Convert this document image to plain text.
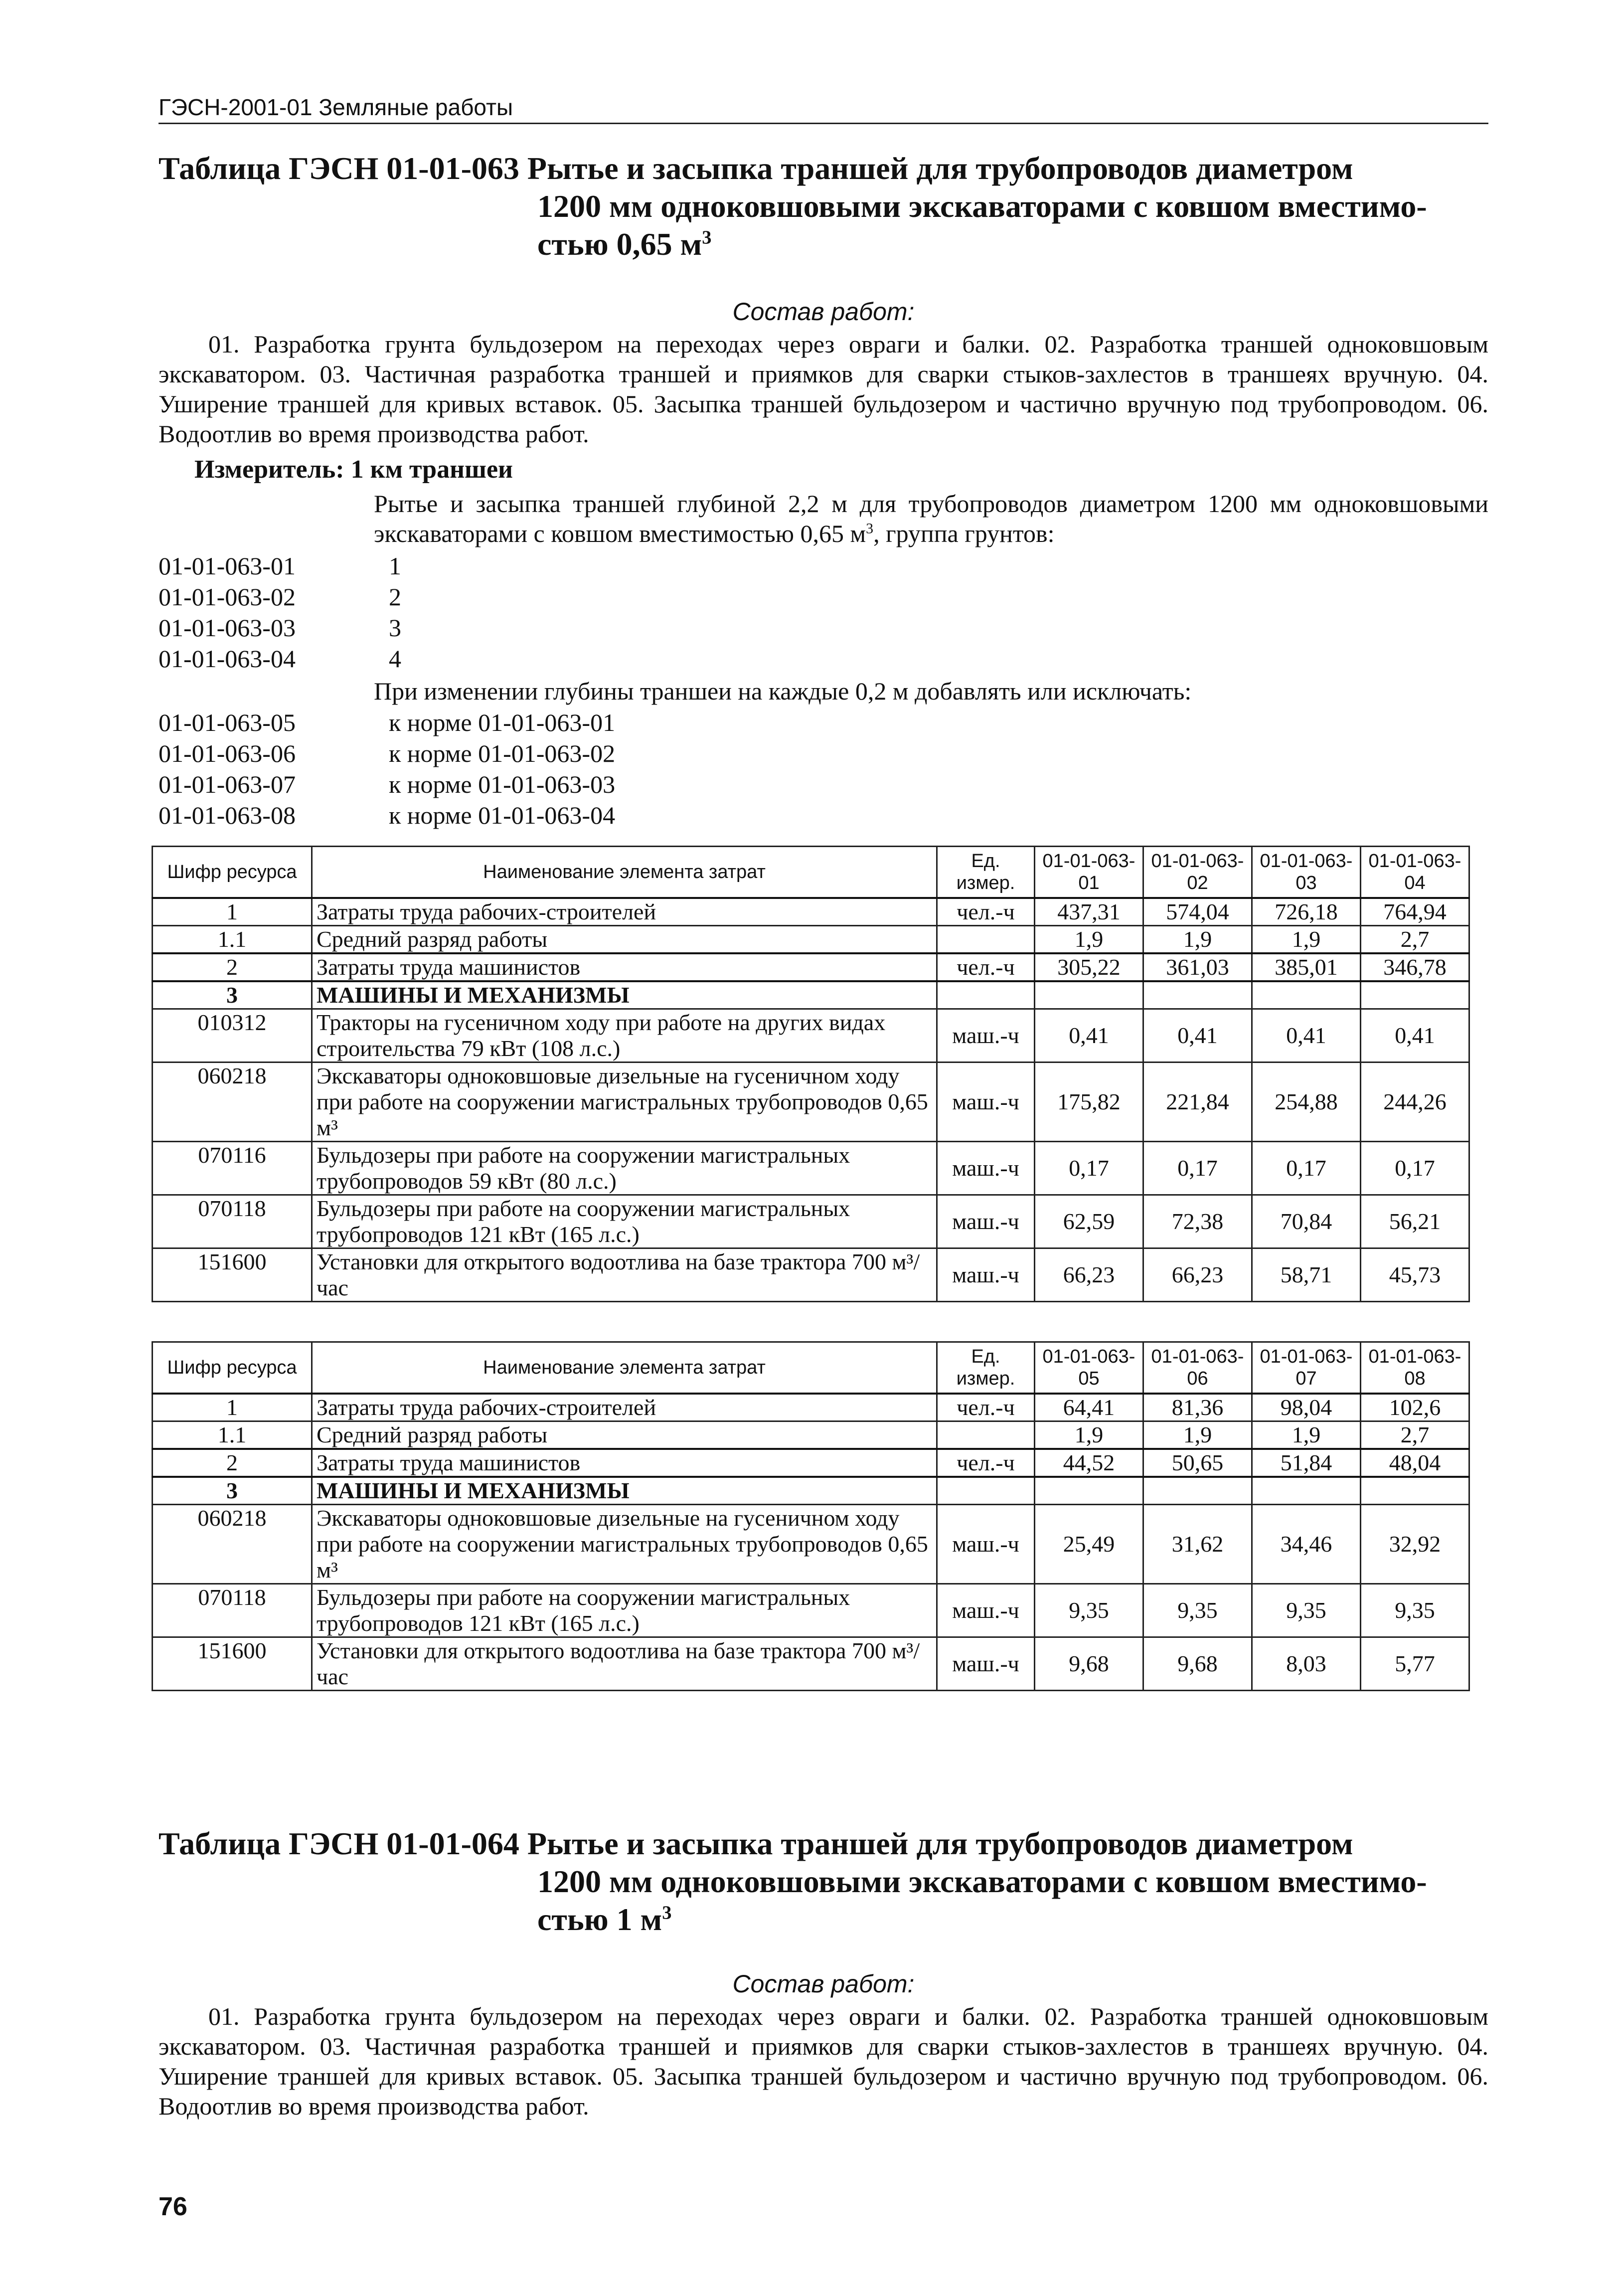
ГЭСН-2001-01 Земляные работы
Таблица ГЭСН 01-01-063 Рытье и засыпка траншей для трубопроводов диаметром
1200 мм одноковшовыми экскаваторами с ковшом вместимо-
стью 0,65 $м^3$
Состав работ:
01. Разработка грунта бульдозером на переходах через овраги и балки. 02. Разработка траншей одноковшовым экскаватором. 03. Частичная разработка траншей и приямков для сварки стыков-захлестов в траншеях вручную. 04. Уширение траншей для кривых вставок. 05. Засыпка траншей бульдозером и частично вручную под трубопроводом. 06. Водоотлив во время производства работ.
Измеритель: 1 км траншеи
Рытье и засыпка траншей глубиной 2,2 м для трубопроводов диаметром 1200 мм одноковшовыми экскаваторами с ковшом вместимостью 0,65 $м^3$, группа грунтов:
01-01-063-01	1
01-01-063-02	2
01-01-063-03	3
01-01-063-04	4
При изменении глубины траншеи на каждые 0,2 м добавлять или исключать:
01-01-063-05	к норме 01-01-063-01
01-01-063-06	к норме 01-01-063-02
01-01-063-07	к норме 01-01-063-03
01-01-063-08	к норме 01-01-063-04
Шифр ресурса	Наименование элемента затрат	Ед. измер.	01-01-063-01	01-01-063-02	01-01-063-03	01-01-063-04
1	Затраты труда рабочих-строителей	чел.-ч	437,31	574,04	726,18	764,94
1.1	Средний разряд работы		1,9	1,9	1,9	2,7
2	Затраты труда машинистов	чел.-ч	305,22	361,03	385,01	346,78
3	МАШИНЫ И МЕХАНИЗМЫ					
010312	Тракторы на гусеничном ходу при работе на других видах строительства 79 кВт (108 л.с.)	маш.-ч	0,41	0,41	0,41	0,41
060218	Экскаваторы одноковшовые дизельные на гусеничном ходу при работе на сооружении магистральных трубопроводов 0,65 м³	маш.-ч	175,82	221,84	254,88	244,26
070116	Бульдозеры при работе на сооружении магистральных трубопроводов 59 кВт (80 л.с.)	маш.-ч	0,17	0,17	0,17	0,17
070118	Бульдозеры при работе на сооружении магистральных трубопроводов 121 кВт (165 л.с.)	маш.-ч	62,59	72,38	70,84	56,21
151600	Установки для открытого водоотлива на базе трактора 700 м³/час	маш.-ч	66,23	66,23	58,71	45,73
Шифр ресурса	Наименование элемента затрат	Ед. измер.	01-01-063-05	01-01-063-06	01-01-063-07	01-01-063-08
1	Затраты труда рабочих-строителей	чел.-ч	64,41	81,36	98,04	102,6
1.1	Средний разряд работы		1,9	1,9	1,9	2,7
2	Затраты труда машинистов	чел.-ч	44,52	50,65	51,84	48,04
3	МАШИНЫ И МЕХАНИЗМЫ					
060218	Экскаваторы одноковшовые дизельные на гусеничном ходу при работе на сооружении магистральных трубопроводов 0,65 м³	маш.-ч	25,49	31,62	34,46	32,92
070118	Бульдозеры при работе на сооружении магистральных трубопроводов 121 кВт (165 л.с.)	маш.-ч	9,35	9,35	9,35	9,35
151600	Установки для открытого водоотлива на базе трактора 700 м³/час	маш.-ч	9,68	9,68	8,03	5,77
Таблица ГЭСН 01-01-064 Рытье и засыпка траншей для трубопроводов диаметром
1200 мм одноковшовыми экскаваторами с ковшом вместимо-
стью 1 $м^3$
Состав работ:
01. Разработка грунта бульдозером на переходах через овраги и балки. 02. Разработка траншей одноковшовым экскаватором. 03. Частичная разработка траншей и приямков для сварки стыков-захлестов в траншеях вручную. 04. Уширение траншей для кривых вставок. 05. Засыпка траншей бульдозером и частично вручную под трубопроводом. 06. Водоотлив во время производства работ.
76
